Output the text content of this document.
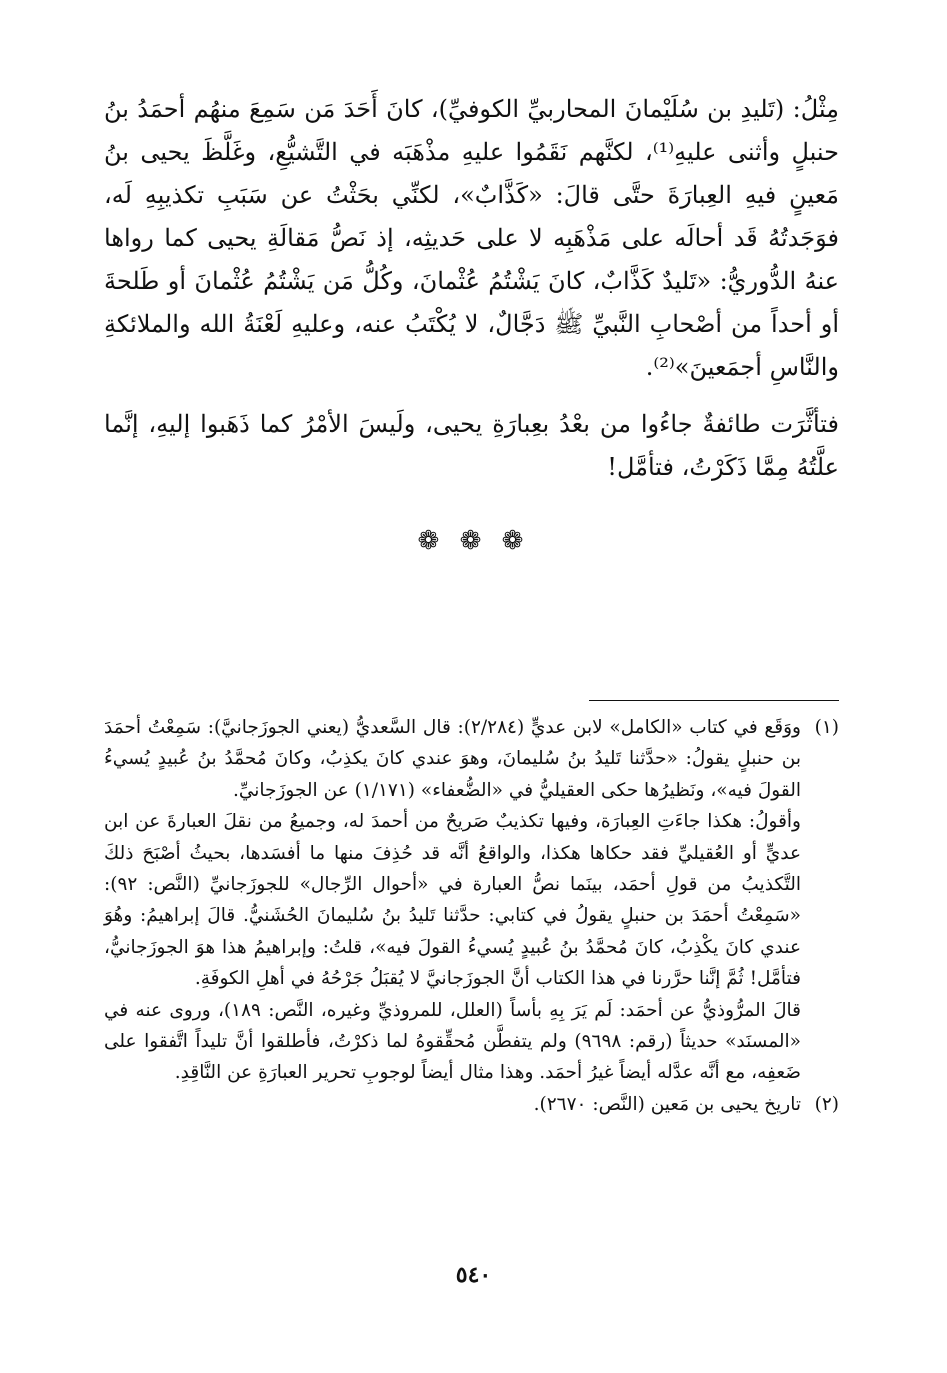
مِثْلُ: (تَليدِ بن سُلَيْمانَ المحاربيِّ الكوفيِّ)، كانَ أَحَدَ مَن سَمِعَ منهُم أحمَدُ بنُ حنبلٍ وأثنى عليهِ⁽¹⁾، لكنَّهم نَقَمُوا عليهِ مذْهَبَه في التَّشيُّعِ، وغَلَّظَ يحيى بنُ مَعينٍ فيهِ العِبارَةَ حتَّى قالَ: «كَذَّابٌ»، لكنِّي بحَثْتُ عن سَبَبِ تكذيبِهِ لَه، فوَجَدتُهُ قَد أحالَه على مَذْهَبِه لا على حَديثِه، إذ نَصُّ مَقالَةِ يحيى كما رواها عنهُ الدُّوريُّ: «تَليدٌ كَذَّابٌ، كانَ يَشْتُمُ عُثْمانَ، وكُلُّ مَن يَشْتُمُ عُثْمانَ أو طَلحةَ أو أحداً من أصْحابِ النَّبيِّ ﷺ دَجَّالٌ، لا يُكْتَبُ عنه، وعليهِ لَعْنَةُ الله والملائكةِ والنَّاسِ أجمَعينَ»⁽²⁾.

فتأثَّرَت طائفةٌ جاءُوا من بعْدُ بعِبارَةِ يحيى، ولَيسَ الأمْرُ كما ذَهَبوا إليهِ، إنَّما علَّتُهُ مِمَّا ذَكَرْتُ، فتأمَّل!

❁ ❁ ❁
(١)

ووَقَع في كتاب «الكامل» لابن عديٍّ (٢/٢٨٤): قال السَّعديُّ (يعني الجوزَجانيَّ): سَمِعْتُ أحمَدَ بن حنبلٍ يقولُ: «حدَّثنا تَليدُ بنُ سُليمانَ، وهوَ عندي كانَ يكذِبُ، وكانَ مُحمَّدُ بنُ عُبيدٍ يُسيءُ القولَ فيه»، ونَظيرُها حكى العقيليُّ في «الضُّعفاء» (١/١٧١) عن الجوزَجانيِّ.

وأقولُ: هكذا جاءَتِ العِبارَة، وفيها تكذيبٌ صَريحٌ من أحمدَ له، وجميعُ من نقلَ العبارةَ عن ابن عديٍّ أو العُقيليِّ فقد حكاها هكذا، والواقعُ أنَّه قد حُذِفَ منها ما أفسَدها، بحيثُ أصْبَحَ ذلكَ التَّكذيبُ من قولِ أحمَد، بينَما نصُّ العبارة في «أحوال الرِّجال» للجوزَجانيِّ (النَّص: ٩٢): «سَمِعْتُ أحمَدَ بن حنبلٍ يقولُ في كتابي: حدَّثنا تَليدُ بنُ سُليمانَ الحُشَنيُّ. قالَ إبراهيمُ: وهُوَ عندي كانَ يكْذِبُ، كانَ مُحمَّدُ بنُ عُبيدٍ يُسيءُ القولَ فيه»، قلتُ: وإبراهيمُ هذا هوَ الجوزَجانيُّ، فتأمَّل! ثُمَّ إنَّنا حرَّرنا في هذا الكتاب أنَّ الجوزَجانيَّ لا يُقبَلُ جَرْحُهُ في أهلِ الكوفَةِ.

قالَ المرُّوذيُّ عن أحمَد: لَم يَرَ بِهِ بأساً (العلل، للمروذيِّ وغيره، النَّص: ١٨٩)، وروى عنه في «المسنَد» حديثاً (رقم: ٩٦٩٨) ولم يتفطَّن مُحقِّقوهُ لما ذكرْتُ، فأطلقوا أنَّ تليداً اتَّفقوا على ضَعفِه، مع أنَّه عدَّله أيضاً غيرُ أحمَد. وهذا مثال أيضاً لوجوبِ تحرير العبارَةِ عن النَّاقِدِ.

(٢)

تاريخ يحيى بن مَعين (النَّص: ٢٦٧٠).

٥٤٠
